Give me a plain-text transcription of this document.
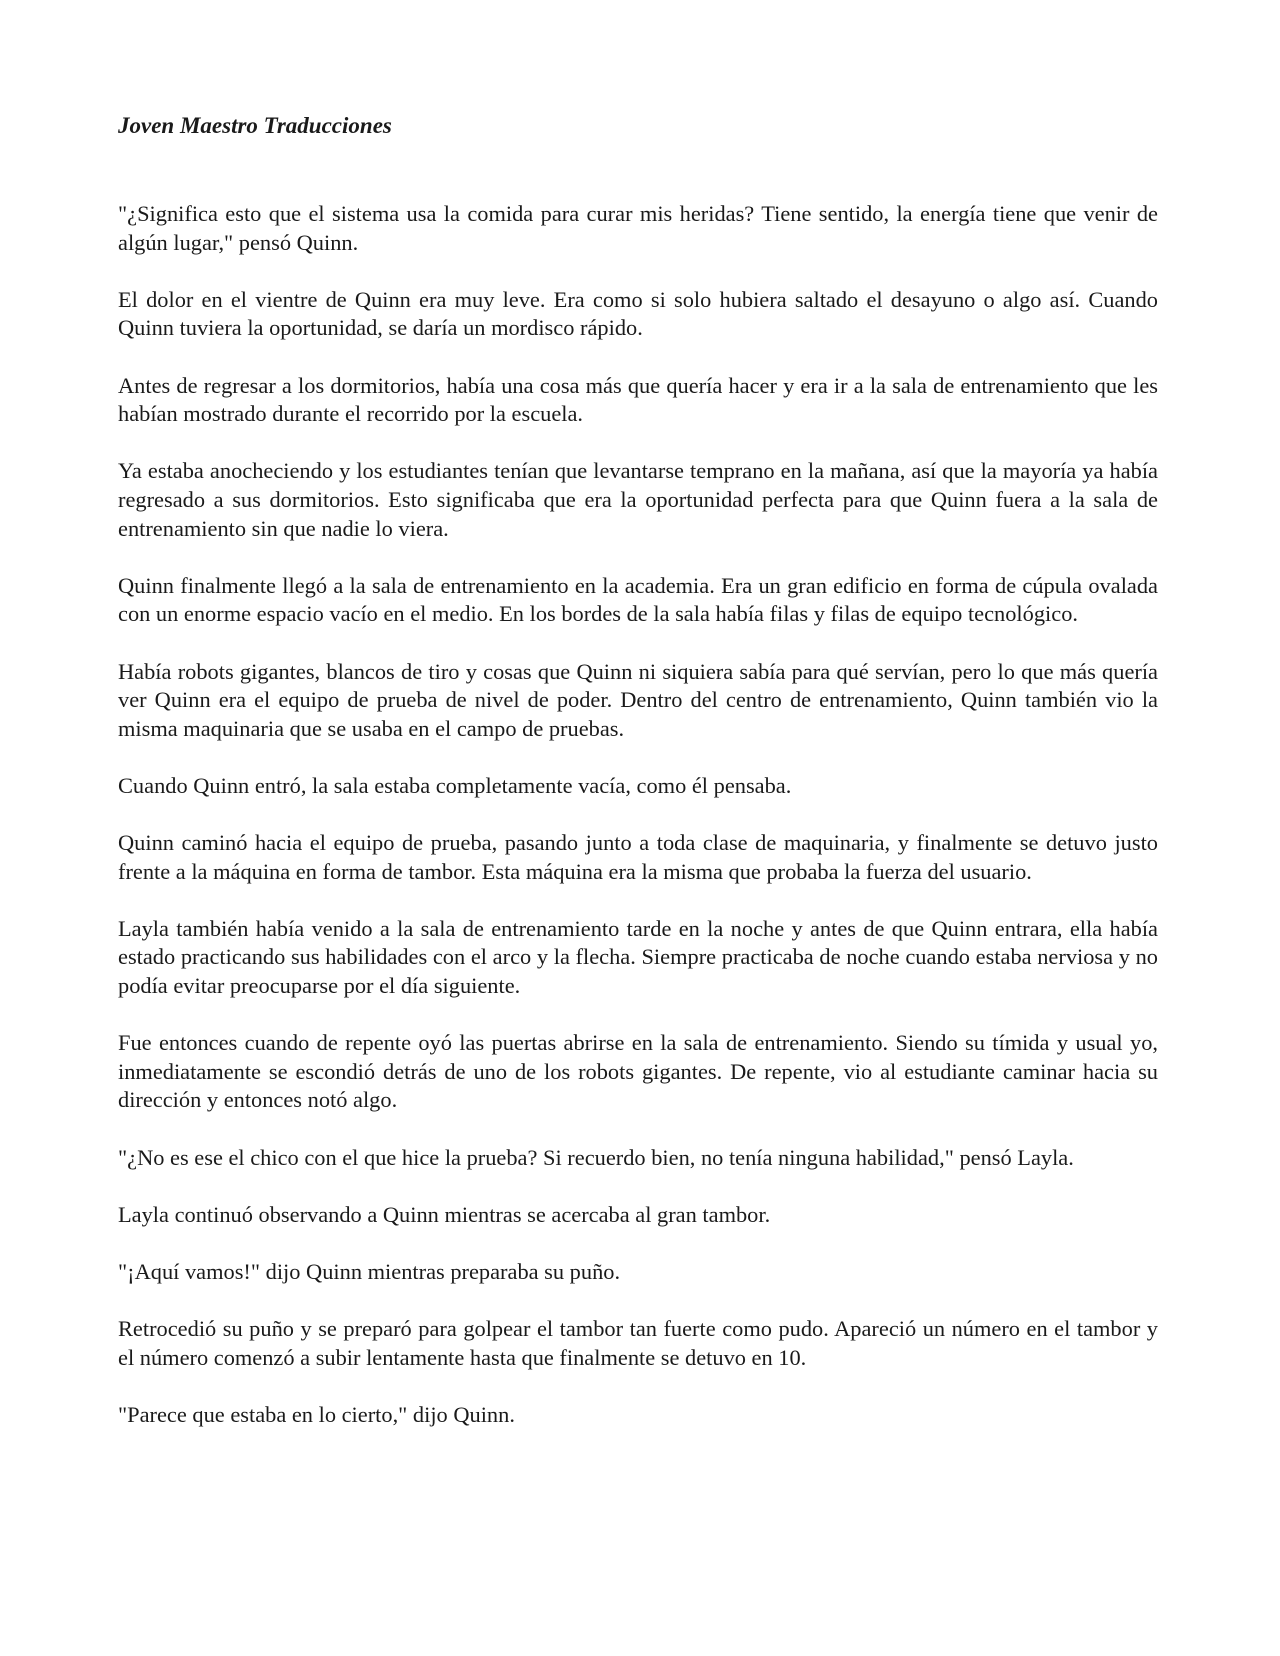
Joven Maestro Traducciones

"¿Significa esto que el sistema usa la comida para curar mis heridas? Tiene sentido, la energía tiene que venir de algún lugar," pensó Quinn.

El dolor en el vientre de Quinn era muy leve. Era como si solo hubiera saltado el desayuno o algo así. Cuando Quinn tuviera la oportunidad, se daría un mordisco rápido.

Antes de regresar a los dormitorios, había una cosa más que quería hacer y era ir a la sala de entrenamiento que les habían mostrado durante el recorrido por la escuela.

Ya estaba anocheciendo y los estudiantes tenían que levantarse temprano en la mañana, así que la mayoría ya había regresado a sus dormitorios. Esto significaba que era la oportunidad perfecta para que Quinn fuera a la sala de entrenamiento sin que nadie lo viera.

Quinn finalmente llegó a la sala de entrenamiento en la academia. Era un gran edificio en forma de cúpula ovalada con un enorme espacio vacío en el medio. En los bordes de la sala había filas y filas de equipo tecnológico.

Había robots gigantes, blancos de tiro y cosas que Quinn ni siquiera sabía para qué servían, pero lo que más quería ver Quinn era el equipo de prueba de nivel de poder. Dentro del centro de entrenamiento, Quinn también vio la misma maquinaria que se usaba en el campo de pruebas.

Cuando Quinn entró, la sala estaba completamente vacía, como él pensaba.

Quinn caminó hacia el equipo de prueba, pasando junto a toda clase de maquinaria, y finalmente se detuvo justo frente a la máquina en forma de tambor. Esta máquina era la misma que probaba la fuerza del usuario.

Layla también había venido a la sala de entrenamiento tarde en la noche y antes de que Quinn entrara, ella había estado practicando sus habilidades con el arco y la flecha. Siempre practicaba de noche cuando estaba nerviosa y no podía evitar preocuparse por el día siguiente.

Fue entonces cuando de repente oyó las puertas abrirse en la sala de entrenamiento. Siendo su tímida y usual yo, inmediatamente se escondió detrás de uno de los robots gigantes. De repente, vio al estudiante caminar hacia su dirección y entonces notó algo.

"¿No es ese el chico con el que hice la prueba? Si recuerdo bien, no tenía ninguna habilidad," pensó Layla.

Layla continuó observando a Quinn mientras se acercaba al gran tambor.

"¡Aquí vamos!" dijo Quinn mientras preparaba su puño.

Retrocedió su puño y se preparó para golpear el tambor tan fuerte como pudo. Apareció un número en el tambor y el número comenzó a subir lentamente hasta que finalmente se detuvo en 10.

"Parece que estaba en lo cierto," dijo Quinn.
